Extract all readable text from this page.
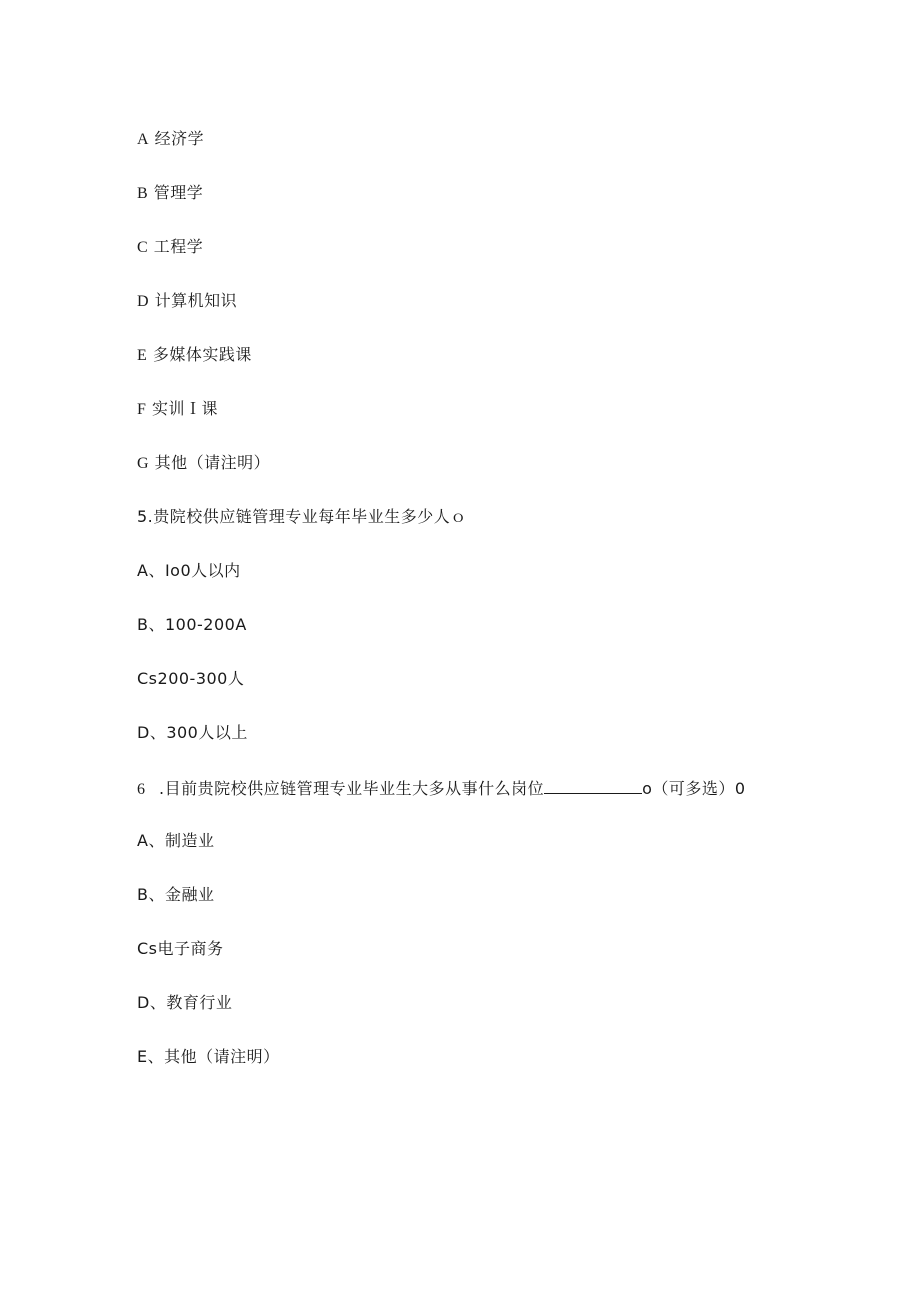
A 经济学
B 管理学
C 工程学
D 计算机知识
E 多媒体实践课
F 实训Ｉ课
G 其他（请注明）
5.贵院校供应链管理专业每年毕业生多少人ｏ
A、Io0人以内
B、100-200A
Cs200-300人
D、300人以上
6 .目前贵院校供应链管理专业毕业生大多从事什么岗位	o（可多选）0
A、制造业
B、金融业
Cs电子商务
D、教育行业
E、其他（请注明）
